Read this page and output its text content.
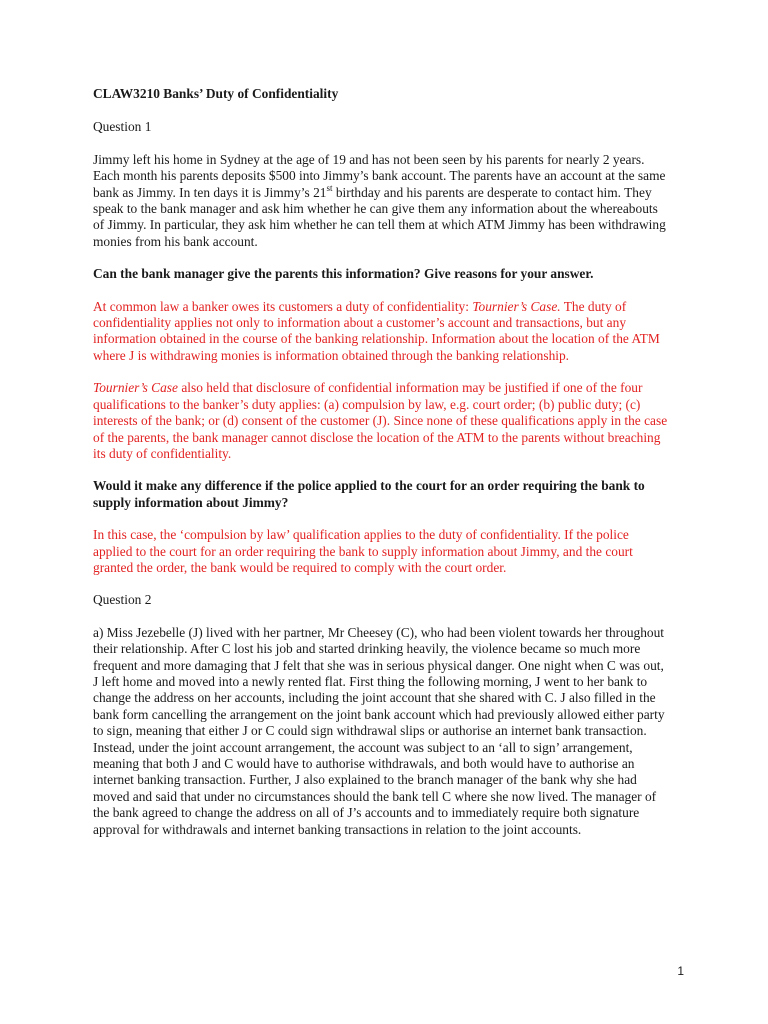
CLAW3210 Banks’ Duty of Confidentiality
Question 1

Jimmy left his home in Sydney at the age of 19 and has not been seen by his parents for nearly 2 years. Each month his parents deposits $500 into Jimmy’s bank account. The parents have an account at the same bank as Jimmy. In ten days it is Jimmy’s 21st birthday and his parents are desperate to contact him. They speak to the bank manager and ask him whether he can give them any information about the whereabouts of Jimmy. In particular, they ask him whether he can tell them at which ATM Jimmy has been withdrawing monies from his bank account.

Can the bank manager give the parents this information? Give reasons for your answer.

At common law a banker owes its customers a duty of confidentiality: Tournier’s Case. The duty of confidentiality applies not only to information about a customer’s account and transactions, but any information obtained in the course of the banking relationship. Information about the location of the ATM where J is withdrawing monies is information obtained through the banking relationship.

Tournier’s Case also held that disclosure of confidential information may be justified if one of the four qualifications to the banker’s duty applies: (a) compulsion by law, e.g. court order; (b) public duty; (c) interests of the bank; or (d) consent of the customer (J). Since none of these qualifications apply in the case of the parents, the bank manager cannot disclose the location of the ATM to the parents without breaching its duty of confidentiality.

Would it make any difference if the police applied to the court for an order requiring the bank to supply information about Jimmy?

In this case, the ‘compulsion by law’ qualification applies to the duty of confidentiality. If the police applied to the court for an order requiring the bank to supply information about Jimmy, and the court granted the order, the bank would be required to comply with the court order.

Question 2

a) Miss Jezebelle (J) lived with her partner, Mr Cheesey (C), who had been violent towards her throughout their relationship. After C lost his job and started drinking heavily, the violence became so much more frequent and more damaging that J felt that she was in serious physical danger. One night when C was out, J left home and moved into a newly rented flat. First thing the following morning, J went to her bank to change the address on her accounts, including the joint account that she shared with C. J also filled in the bank form cancelling the arrangement on the joint bank account which had previously allowed either party to sign, meaning that either J or C could sign withdrawal slips or authorise an internet bank transaction. Instead, under the joint account arrangement, the account was subject to an ‘all to sign’ arrangement, meaning that both J and C would have to authorise withdrawals, and both would have to authorise an internet banking transaction. Further, J also explained to the branch manager of the bank why she had moved and said that under no circumstances should the bank tell C where she now lived. The manager of the bank agreed to change the address on all of J’s accounts and to immediately require both signature approval for withdrawals and internet banking transactions in relation to the joint accounts.

1
